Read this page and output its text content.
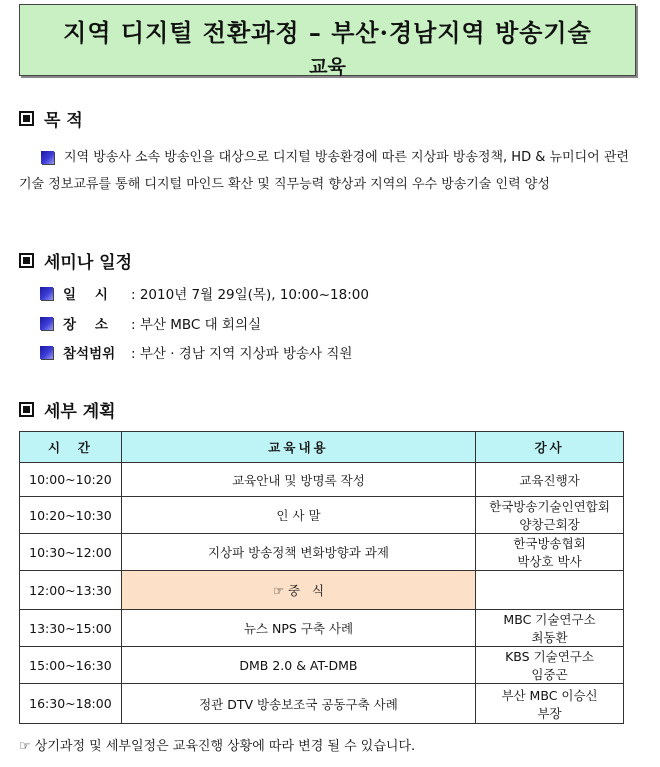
지역 디지털 전환과정 – 부산·경남지역 방송기술
교육
목 적
지역 방송사 소속 방송인을 대상으로 디지털 방송환경에 따른 지상파 방송정책, HD & 뉴미디어 관련 기술 정보교류를 통해 디지털 마인드 확산 및 직무능력 향상과 지역의 우수 방송기술 인력 양성
세미나 일정
일    시	: 2010년 7월 29일(목), 10:00~18:00
장    소	: 부산 MBC 대 회의실
참석범위	: 부산 · 경남 지역 지상파 방송사 직원
세부 계획
시  간	교육내용	강사
10:00~10:20	교육안내 및 방명록 작성	교육진행자

10:20~10:30	인 사 말	한국방송기술인연합회
양창근회장

10:30~12:00	지상파 방송정책 변화방향과 과제	한국방송협회
박상호 박사

12:00~13:30	☞ 중   식	

13:30~15:00	뉴스 NPS 구축 사례	MBC 기술연구소
최동환

15:00~16:30	DMB 2.0 & AT-DMB	KBS 기술연구소
임중곤

16:30~18:00	정관 DTV 방송보조국 공동구축 사례	부산 MBC 이승신
부장
☞ 상기과정 및 세부일정은 교육진행 상황에 따라 변경 될 수 있습니다.
